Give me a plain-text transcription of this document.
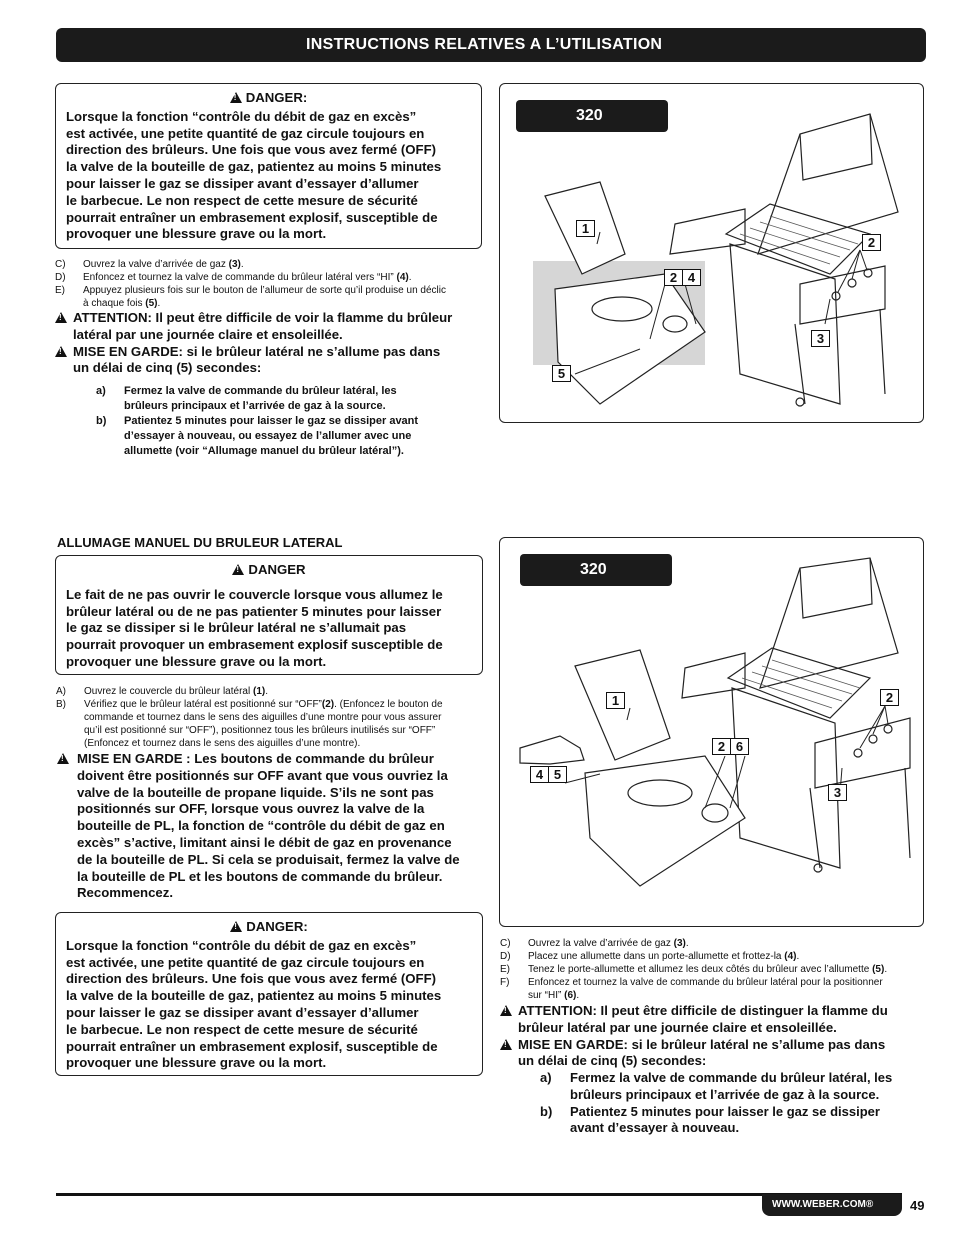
INSTRUCTIONS RELATIVES A L’UTILISATION
!DANGER:
Lorsque la fonction “contrôle du débit de gaz en excès”
est activée, une petite quantité de gaz circule toujours en
direction des brûleurs. Une fois que vous avez fermé (OFF)
la valve de la bouteille de gaz, patientez au moins 5 minutes
pour laisser le gaz se dissiper avant d’essayer d’allumer
le barbecue. Le non respect de cette mesure de sécurité
pourrait entraîner un embrasement explosif, susceptible de
provoquer une blessure grave ou la mort.
C)	Ouvrez la valve d’arrivée de gaz (3).
D)	Enfoncez et tournez la valve de commande du brûleur latéral vers “HI” (4).
E)	Appuyez plusieurs fois sur le bouton de l’allumeur de sorte qu’il produise un déclic
à chaque fois (5).
!
ATTENTION: Il peut être difficile de voir la flamme du brûleur
latéral par une journée claire et ensoleillée.
!
MISE EN GARDE: si le brûleur latéral ne s’allume pas dans
un délai de cinq (5) secondes:
a)	Fermez la valve de commande du brûleur latéral, les
brûleurs principaux et l’arrivée de gaz à la source.
b)	Patientez 5 minutes pour laisser le gaz se dissiper avant
d’essayer à nouveau, ou essayez de l’allumer avec une
allumette (voir “Allumage manuel du brûleur latéral”).
320
1
2 4
2
3
5
ALLUMAGE MANUEL DU BRULEUR LATERAL
!DANGER
Le fait de ne pas ouvrir le couvercle lorsque vous allumez le
brûleur latéral ou de ne pas patienter 5 minutes pour laisser
le gaz se dissiper si le brûleur latéral ne s’allumait pas
pourrait provoquer un embrasement explosif susceptible de
provoquer une blessure grave ou la mort.
A)	Ouvrez le couvercle du brûleur latéral (1).
B)	Vérifiez que le brûleur latéral est positionné sur “OFF”(2). (Enfoncez le bouton de
commande et tournez dans le sens des aiguilles d’une montre pour vous assurer
qu’il est positionné sur “OFF”), positionnez tous les brûleurs inutilisés sur “OFF”
(Enfoncez et tournez dans le sens des aiguilles d’une montre).
!
MISE EN GARDE : Les boutons de commande du brûleur
doivent être positionnés sur OFF avant que vous ouvriez la
valve de la bouteille de propane liquide. S’ils ne sont pas
positionnés sur OFF, lorsque vous ouvrez la valve de la
bouteille de PL, la fonction de “contrôle du débit de gaz en
excès” s’active, limitant ainsi le débit de gaz en provenance
de la bouteille de PL. Si cela se produisait, fermez la valve de
la bouteille de PL et les boutons de commande du brûleur.
Recommencez.
!DANGER:
Lorsque la fonction “contrôle du débit de gaz en excès”
est activée, une petite quantité de gaz circule toujours en
direction des brûleurs. Une fois que vous avez fermé (OFF)
la valve de la bouteille de gaz, patientez au moins 5 minutes
pour laisser le gaz se dissiper avant d’essayer d’allumer
le barbecue. Le non respect de cette mesure de sécurité
pourrait entraîner un embrasement explosif, susceptible de
provoquer une blessure grave ou la mort.
320
1
2 6
4 5
2
3
C)	Ouvrez la valve d’arrivée de gaz (3).
D)	Placez une allumette dans un porte-allumette et frottez-la (4).
E)	Tenez le porte-allumette et allumez les deux côtés du brûleur avec l’allumette (5).
F)	Enfoncez et tournez la valve de commande du brûleur latéral pour la positionner
sur “HI” (6).
!
ATTENTION: Il peut être difficile de distinguer la flamme du
brûleur latéral par une journée claire et ensoleillée.
!
MISE EN GARDE: si le brûleur latéral ne s’allume pas dans
un délai de cinq (5) secondes:
a)	Fermez la valve de commande du brûleur latéral, les
brûleurs principaux et l’arrivée de gaz à la source.
b)	Patientez 5 minutes pour laisser le gaz se dissiper
avant d’essayer à nouveau.
WWW.WEBER.COM®	49
